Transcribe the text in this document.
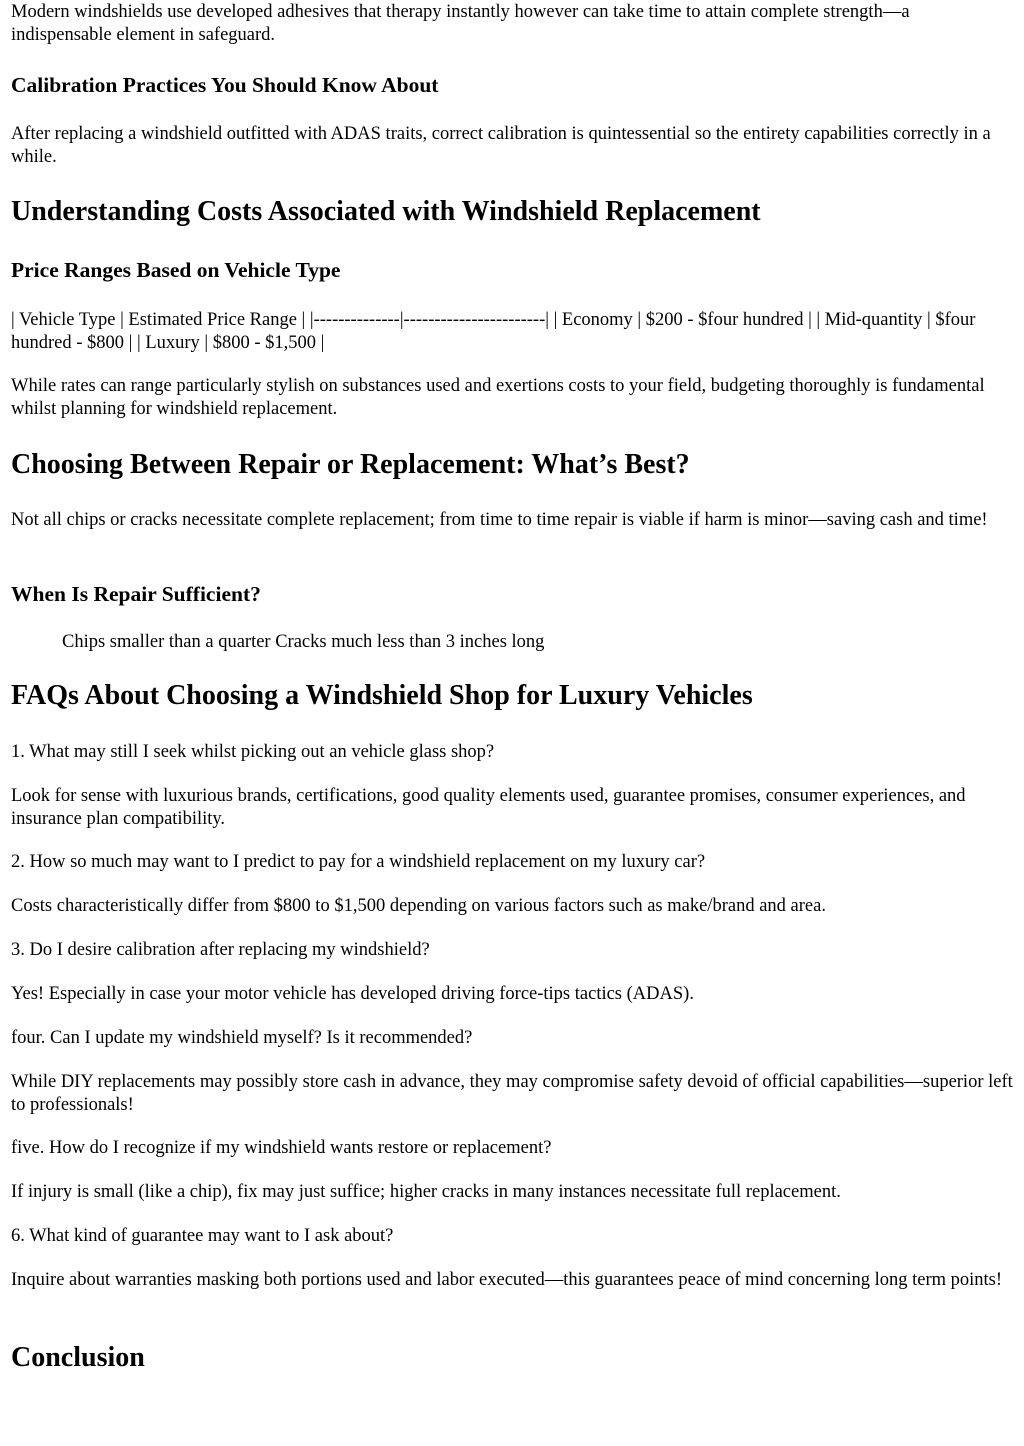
Modern windshields use developed adhesives that therapy instantly however can take time to attain complete strength—a indispensable element in safeguard.

Calibration Practices You Should Know About

After replacing a windshield outfitted with ADAS traits, correct calibration is quintessential so the entirety capabilities correctly in a while.

Understanding Costs Associated with Windshield Replacement
Price Ranges Based on Vehicle Type

| Vehicle Type | Estimated Price Range | |--------------|-----------------------| | Economy | $200 - $four hundred | | Mid-quantity | $four hundred - $800 | | Luxury | $800 - $1,500 |

While rates can range particularly stylish on substances used and exertions costs to your field, budgeting thoroughly is fundamental whilst planning for windshield replacement.

Choosing Between Repair or Replacement: What’s Best?

Not all chips or cracks necessitate complete replacement; from time to time repair is viable if harm is minor—saving cash and time!

When Is Repair Sufficient?

Chips smaller than a quarter Cracks much less than 3 inches long

FAQs About Choosing a Windshield Shop for Luxury Vehicles

1. What may still I seek whilst picking out an vehicle glass shop?

Look for sense with luxurious brands, certifications, good quality elements used, guarantee promises, consumer experiences, and insurance plan compatibility.

2. How so much may want to I predict to pay for a windshield replacement on my luxury car?

Costs characteristically differ from $800 to $1,500 depending on various factors such as make/brand and area.

3. Do I desire calibration after replacing my windshield?

Yes! Especially in case your motor vehicle has developed driving force-tips tactics (ADAS).

four. Can I update my windshield myself? Is it recommended?

While DIY replacements may possibly store cash in advance, they may compromise safety devoid of official capabilities—superior left to professionals!

five. How do I recognize if my windshield wants restore or replacement?

If injury is small (like a chip), fix may just suffice; higher cracks in many instances necessitate full replacement.

6. What kind of guarantee may want to I ask about?

Inquire about warranties masking both portions used and labor executed—this guarantees peace of mind concerning long term points!

Conclusion
